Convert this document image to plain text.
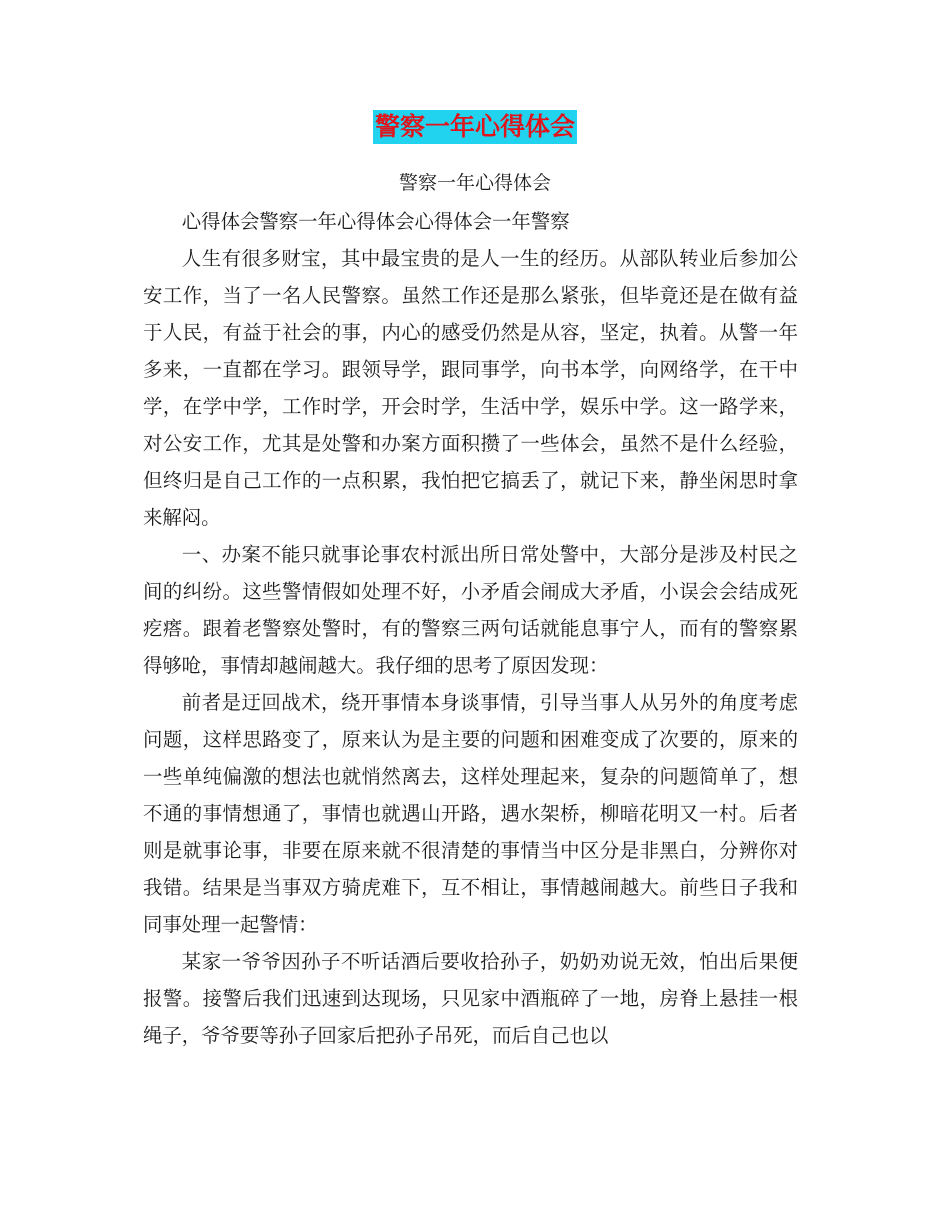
警察一年心得体会
警察一年心得体会

心得体会警察一年心得体会心得体会一年警察

人生有很多财宝，其中最宝贵的是人一生的经历。从部队转业后参加公安工作，当了一名人民警察。虽然工作还是那么紧张，但毕竟还是在做有益于人民，有益于社会的事，内心的感受仍然是从容，坚定，执着。从警一年多来，一直都在学习。跟领导学，跟同事学，向书本学，向网络学，在干中学，在学中学，工作时学，开会时学，生活中学，娱乐中学。这一路学来，对公安工作，尤其是处警和办案方面积攒了一些体会，虽然不是什么经验，但终归是自己工作的一点积累，我怕把它搞丢了，就记下来，静坐闲思时拿来解闷。

一、办案不能只就事论事农村派出所日常处警中，大部分是涉及村民之间的纠纷。这些警情假如处理不好，小矛盾会闹成大矛盾，小误会会结成死疙瘩。跟着老警察处警时，有的警察三两句话就能息事宁人，而有的警察累得够呛，事情却越闹越大。我仔细的思考了原因发现：

前者是迂回战术，绕开事情本身谈事情，引导当事人从另外的角度考虑问题，这样思路变了，原来认为是主要的问题和困难变成了次要的，原来的一些单纯偏激的想法也就悄然离去，这样处理起来，复杂的问题简单了，想不通的事情想通了，事情也就遇山开路，遇水架桥，柳暗花明又一村。后者则是就事论事，非要在原来就不很清楚的事情当中区分是非黑白，分辨你对我错。结果是当事双方骑虎难下，互不相让，事情越闹越大。前些日子我和同事处理一起警情：

某家一爷爷因孙子不听话酒后要收拾孙子，奶奶劝说无效，怕出后果便报警。接警后我们迅速到达现场，只见家中酒瓶碎了一地，房脊上悬挂一根绳子，爷爷要等孙子回家后把孙子吊死，而后自己也以
